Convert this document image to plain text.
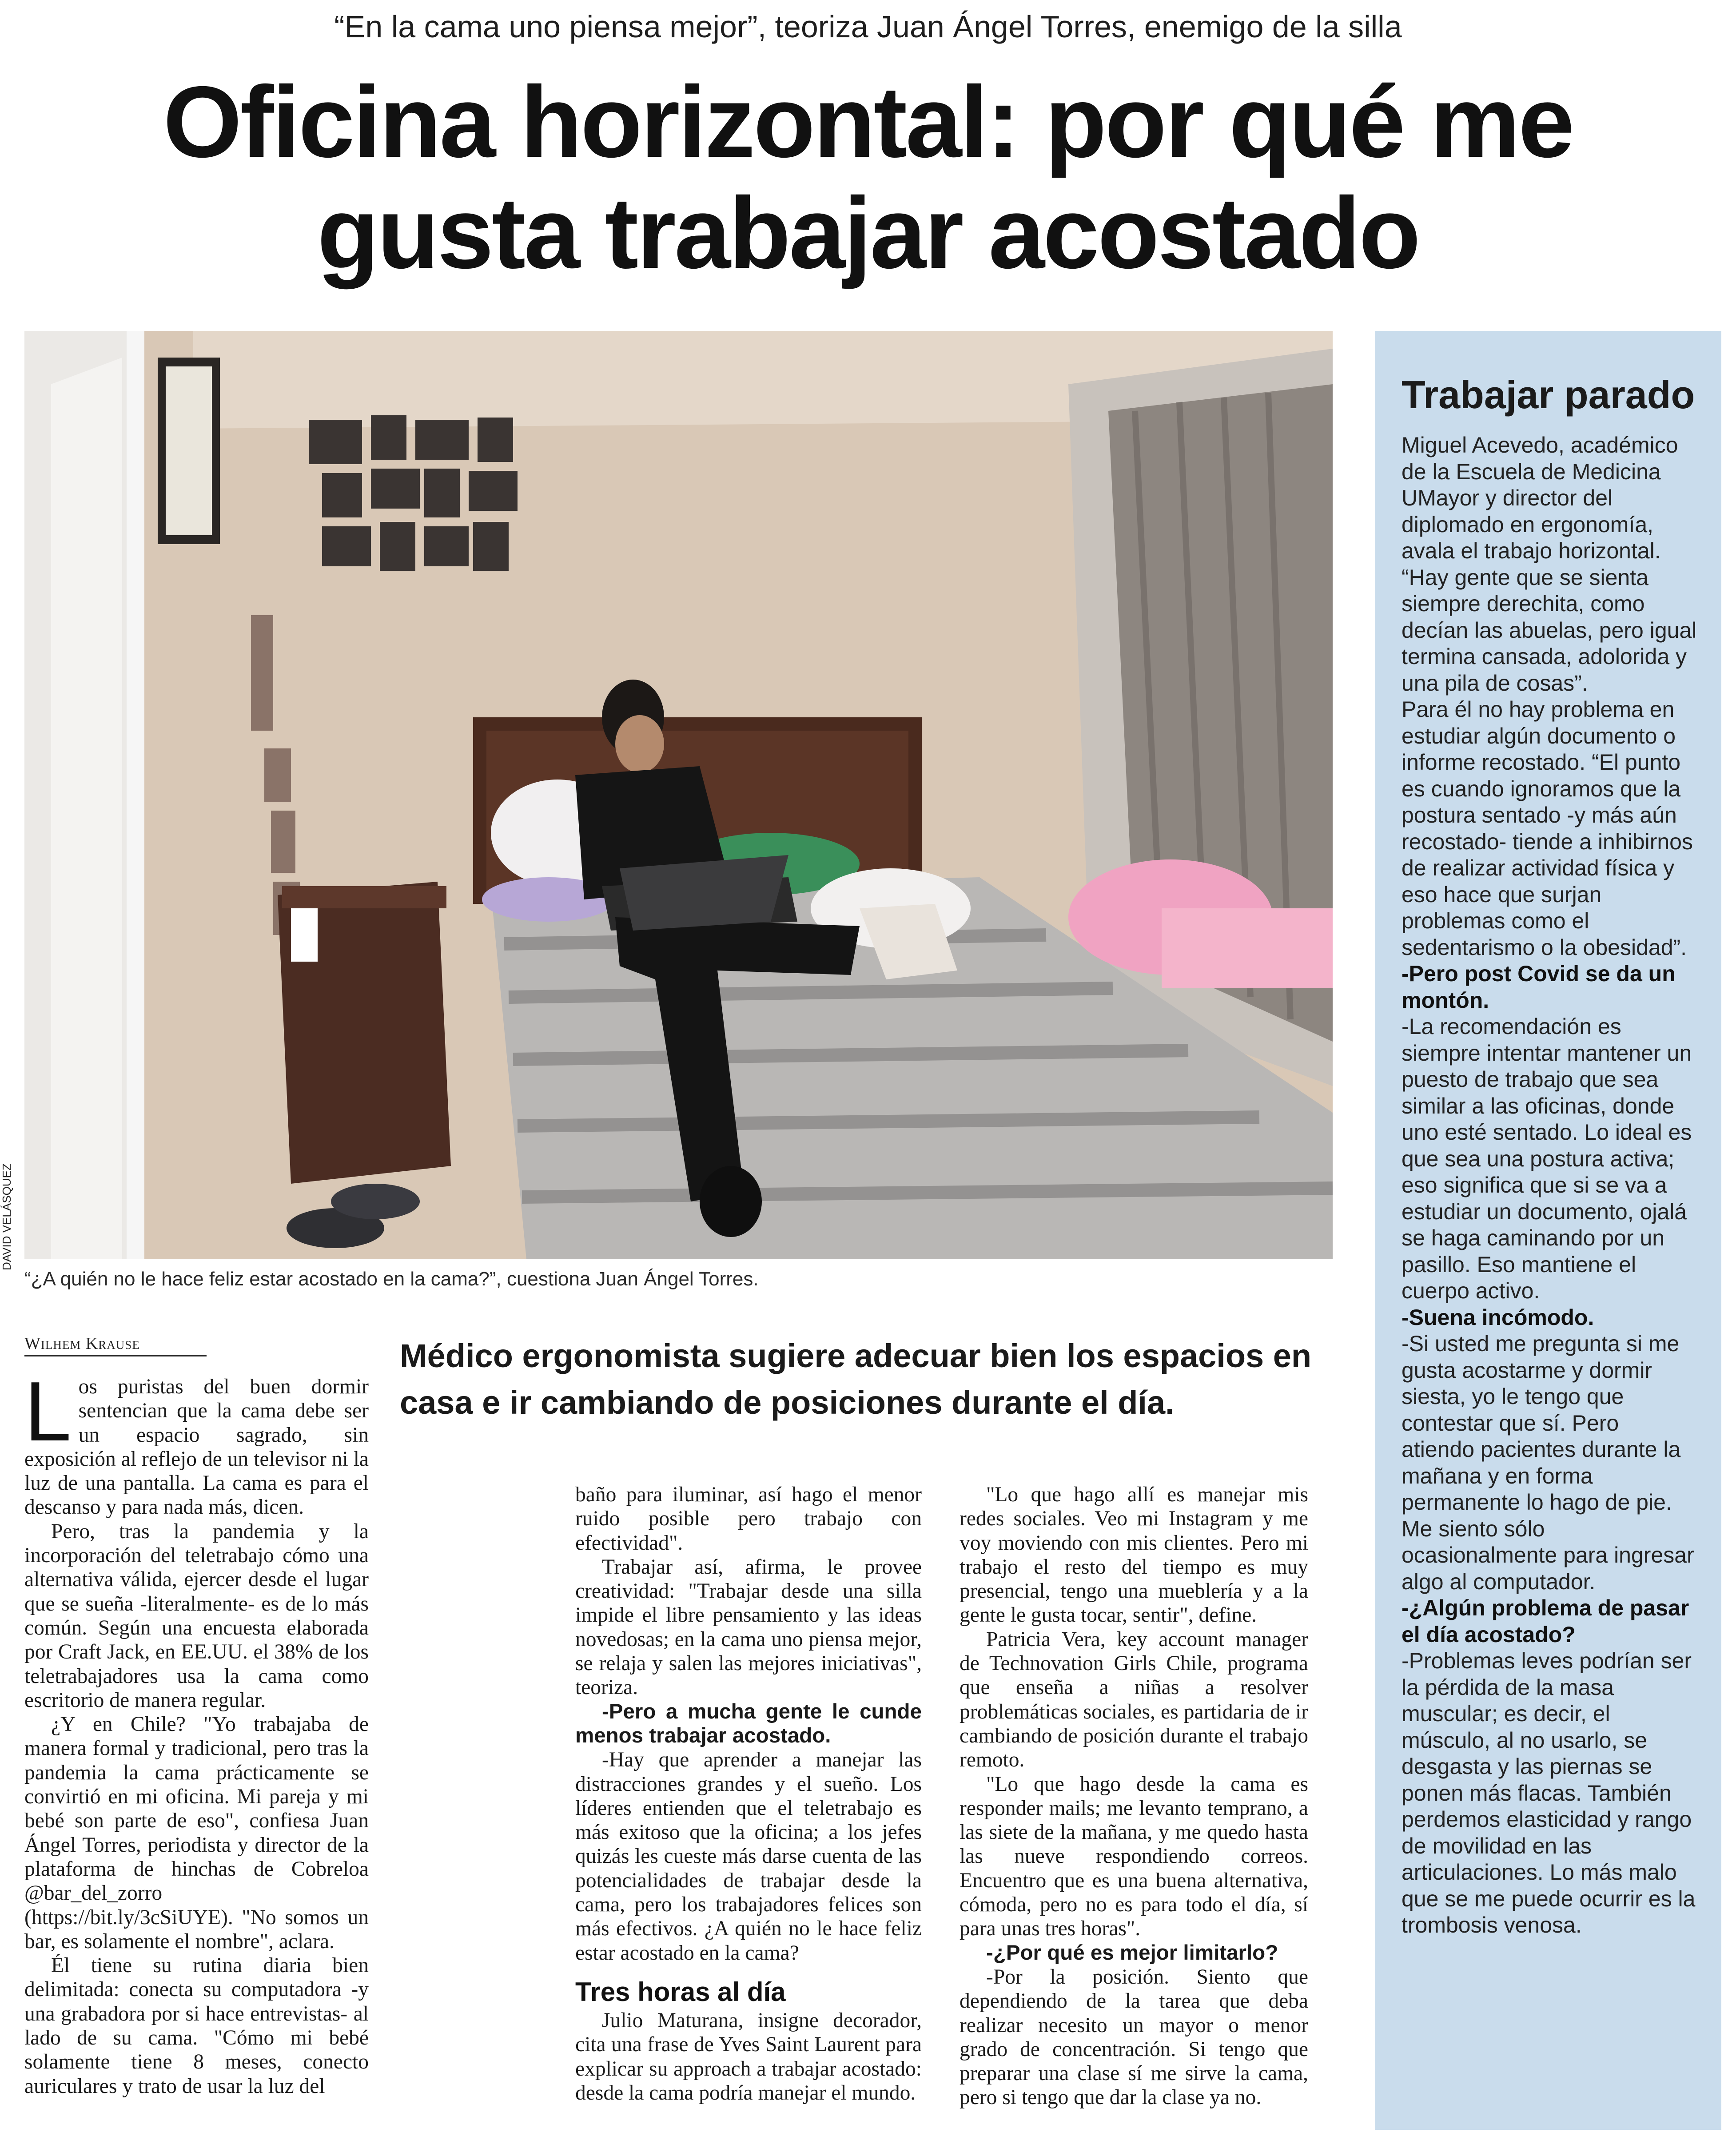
“En la cama uno piensa mejor”, teoriza Juan Ángel Torres, enemigo de la silla
Oficina horizontal: por qué me
gusta trabajar acostado
DAVID VELÁSQUEZ
“¿A quién no le hace feliz estar acostado en la cama?”, cuestiona Juan Ángel Torres.
Trabajar parado

Miguel Acevedo, académico de la Escuela de Medicina UMayor y director del diplomado en ergonomía, avala el trabajo horizontal. “Hay gente que se sienta siempre derechita, como decían las abuelas, pero igual termina cansada, adolorida y una pila de cosas”.

Para él no hay problema en estudiar algún documento o informe recostado. “El punto es cuando ignoramos que la postura sentado -y más aún recostado- tiende a inhibirnos de realizar actividad física y eso hace que surjan problemas como el sedentarismo o la obesidad”.

-Pero post Covid se da un montón.

-La recomendación es siempre intentar mantener un puesto de trabajo que sea similar a las oficinas, donde uno esté sentado. Lo ideal es que sea una postura activa; eso significa que si se va a estudiar un documento, ojalá se haga caminando por un pasillo. Eso mantiene el cuerpo activo.

-Suena incómodo.

-Si usted me pregunta si me gusta acostarme y dormir siesta, yo le tengo que contestar que sí. Pero atiendo pacientes durante la mañana y en forma permanente lo hago de pie. Me siento sólo ocasionalmente para ingresar algo al computador.

-¿Algún problema de pasar el día acostado?

-Problemas leves podrían ser la pérdida de la masa muscular; es decir, el músculo, al no usarlo, se desgasta y las piernas se ponen más flacas. También perdemos elasticidad y rango de movilidad en las articulaciones. Lo más malo que se me puede ocurrir es la trombosis venosa.

Wilhem Krause	Médico ergonomista sugiere adecuar bien los espacios en casa e ir cambiando de posiciones durante el día.

Los puristas del buen dormir sentencian que la cama debe ser un espacio sagrado, sin exposición al reflejo de un televisor ni la luz de una pantalla. La cama es para el descanso y para nada más, dicen.

Pero, tras la pandemia y la incorporación del teletrabajo cómo una alternativa válida, ejercer desde el lugar que se sueña -literalmente- es de lo más común. Según una encuesta elaborada por Craft Jack, en EE.UU. el 38% de los teletrabajadores usa la cama como escritorio de manera regular.

¿Y en Chile? "Yo trabajaba de manera formal y tradicional, pero tras la pandemia la cama prácticamente se convirtió en mi oficina. Mi pareja y mi bebé son parte de eso", confiesa Juan Ángel Torres, periodista y director de la plataforma de hinchas de Cobreloa @bar_del_zorro (https://bit.ly/3cSiUYE). "No somos un bar, es solamente el nombre", aclara.

Él tiene su rutina diaria bien delimitada: conecta su computadora -y una grabadora por si hace entrevistas- al lado de su cama. "Cómo mi bebé solamente tiene 8 meses, conecto auriculares y trato de usar la luz del

baño para iluminar, así hago el menor ruido posible pero trabajo con efectividad".

Trabajar así, afirma, le provee creatividad: "Trabajar desde una silla impide el libre pensamiento y las ideas novedosas; en la cama uno piensa mejor, se relaja y salen las mejores iniciativas", teoriza.

-Pero a mucha gente le cunde menos trabajar acostado.

-Hay que aprender a manejar las distracciones grandes y el sueño. Los líderes entienden que el teletrabajo es más exitoso que la oficina; a los jefes quizás les cueste más darse cuenta de las potencialidades de trabajar desde la cama, pero los trabajadores felices son más efectivos. ¿A quién no le hace feliz estar acostado en la cama?

Tres horas al día

Julio Maturana, insigne decorador, cita una frase de Yves Saint Laurent para explicar su approach a trabajar acostado: desde la cama podría manejar el mundo.

"Lo que hago allí es manejar mis redes sociales. Veo mi Instagram y me voy moviendo con mis clientes. Pero mi trabajo el resto del tiempo es muy presencial, tengo una mueblería y a la gente le gusta tocar, sentir", define.

Patricia Vera, key account manager de Technovation Girls Chile, programa que enseña a niñas a resolver problemáticas sociales, es partidaria de ir cambiando de posición durante el trabajo remoto.

"Lo que hago desde la cama es responder mails; me levanto temprano, a las siete de la mañana, y me quedo hasta las nueve respondiendo correos. Encuentro que es una buena alternativa, cómoda, pero no es para todo el día, sí para unas tres horas".

-¿Por qué es mejor limitarlo?

-Por la posición. Siento que dependiendo de la tarea que deba realizar necesito un mayor o menor grado de concentración. Si tengo que preparar una clase sí me sirve la cama, pero si tengo que dar la clase ya no.
